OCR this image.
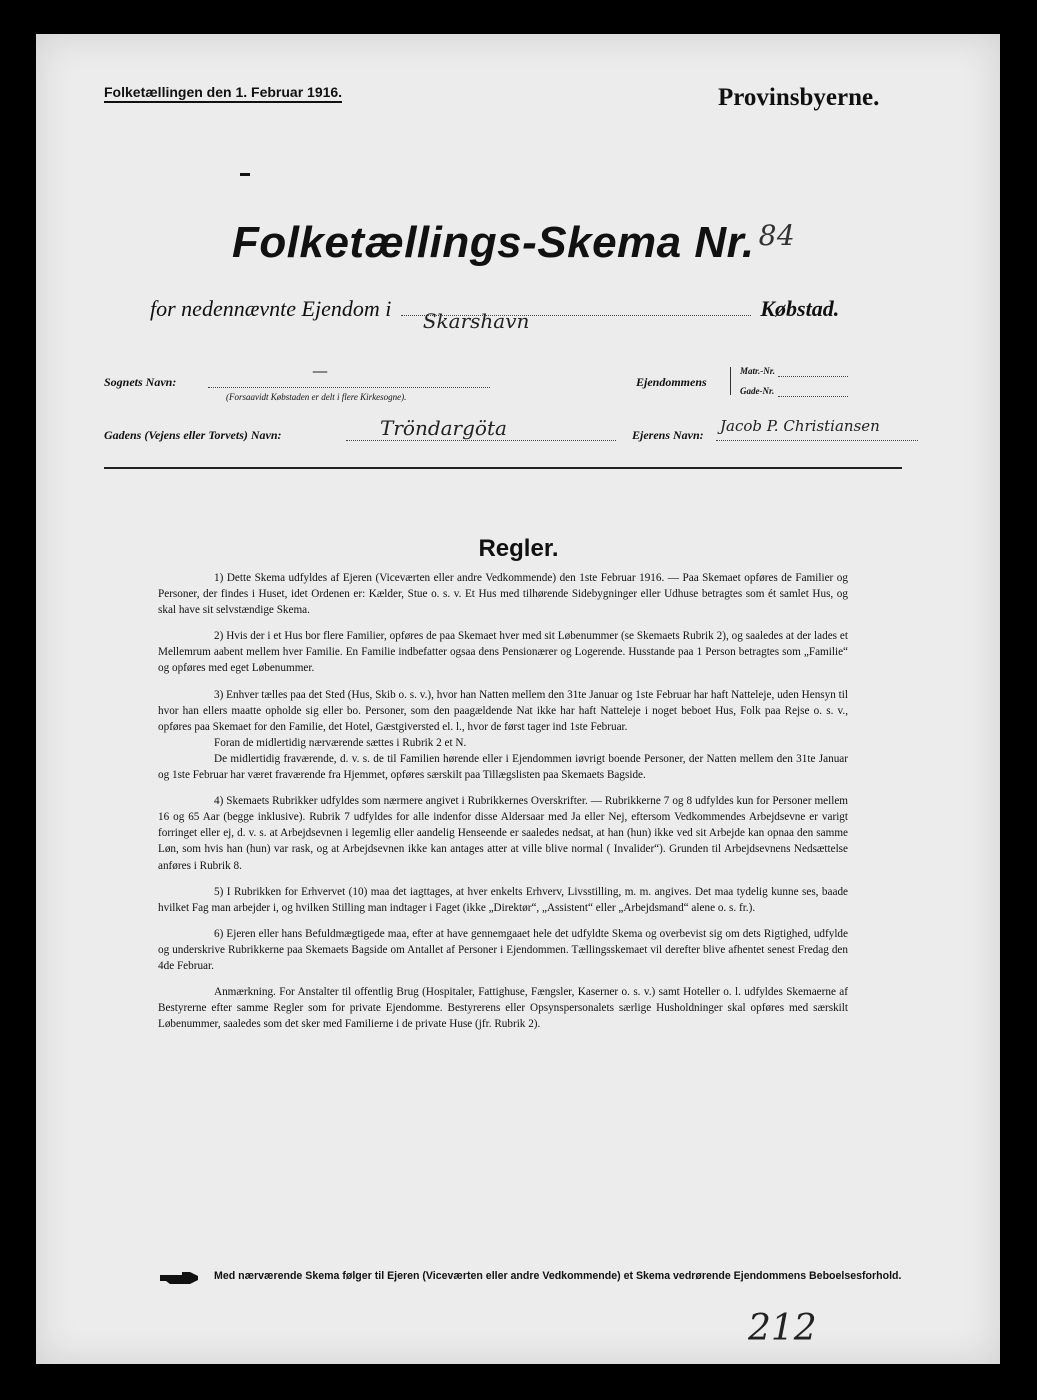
Folketællingen den 1. Februar 1916.	Provinsbyerne.
Folketællings-Skema Nr. $^{84}$
for nedennævnte Ejendom i Skarshavn	Købstad.
Sognets Navn:
—
(Forsaavidt Købstaden er delt i flere Kirkesogne).
Ejendommens
Matr.-Nr.
Gade-Nr.
Gadens (Vejens eller Torvets) Navn:	Tröndargöta	Ejerens Navn: Jacob P. Christiansen
Regler.

1) Dette Skema udfyldes af Ejeren (Viceværten eller andre Vedkommende) den 1ste Februar 1916. — Paa Skemaet opføres de Familier og Personer, der findes i Huset, idet Ordenen er: Kælder, Stue o. s. v. Et Hus med tilhørende Sidebygninger eller Udhuse betragtes som ét samlet Hus, og skal have sit selvstændige Skema.

2) Hvis der i et Hus bor flere Familier, opføres de paa Skemaet hver med sit Løbenummer (se Skemaets Rubrik 2), og saaledes at der lades et Mellemrum aabent mellem hver Familie. En Familie indbefatter ogsaa dens Pensionærer og Logerende. Husstande paa 1 Person betragtes som „Familie“ og opføres med eget Løbenummer.

3) Enhver tælles paa det Sted (Hus, Skib o. s. v.), hvor han Natten mellem den 31te Januar og 1ste Februar har haft Natteleje, uden Hensyn til hvor han ellers maatte opholde sig eller bo. Personer, som den paagældende Nat ikke har haft Natteleje i noget beboet Hus, Folk paa Rejse o. s. v., opføres paa Skemaet for den Familie, det Hotel, Gæstgiversted el. l., hvor de først tager ind 1ste Februar.

Foran de midlertidig nærværende sættes i Rubrik 2 et N.

De midlertidig fraværende, d. v. s. de til Familien hørende eller i Ejendommen iøvrigt boende Personer, der Natten mellem den 31te Januar og 1ste Februar har været fraværende fra Hjemmet, opføres særskilt paa Tillægslisten paa Skemaets Bagside.

4) Skemaets Rubrikker udfyldes som nærmere angivet i Rubrikkernes Overskrifter. — Rubrikkerne 7 og 8 udfyldes kun for Personer mellem 16 og 65 Aar (begge inklusive). Rubrik 7 udfyldes for alle indenfor disse Aldersaar med Ja eller Nej, eftersom Vedkommendes Arbejdsevne er varigt forringet eller ej, d. v. s. at Arbejdsevnen i legemlig eller aandelig Henseende er saaledes nedsat, at han (hun) ikke ved sit Arbejde kan opnaa den samme Løn, som hvis han (hun) var rask, og at Arbejdsevnen ikke kan antages atter at ville blive normal ( Invalider“). Grunden til Arbejdsevnens Nedsættelse anføres i Rubrik 8.

5) I Rubrikken for Erhvervet (10) maa det iagttages, at hver enkelts Erhverv, Livsstilling, m. m. angives. Det maa tydelig kunne ses, baade hvilket Fag man arbejder i, og hvilken Stilling man indtager i Faget (ikke „Direktør“, „Assistent“ eller „Arbejdsmand“ alene o. s. fr.).

6) Ejeren eller hans Befuldmægtigede maa, efter at have gennemgaaet hele det udfyldte Skema og overbevist sig om dets Rigtighed, udfylde og underskrive Rubrikkerne paa Skemaets Bagside om Antallet af Personer i Ejendommen. Tællingsskemaet vil derefter blive afhentet senest Fredag den 4de Februar.

Anmærkning. For Anstalter til offentlig Brug (Hospitaler, Fattighuse, Fængsler, Kaserner o. s. v.) samt Hoteller o. l. udfyldes Skemaerne af Bestyrerne efter samme Regler som for private Ejendomme. Bestyrerens eller Opsynspersonalets særlige Husholdninger skal opføres med særskilt Løbenummer, saaledes som det sker med Familierne i de private Huse (jfr. Rubrik 2).

Med nærværende Skema følger til Ejeren (Viceværten eller andre Vedkommende) et Skema vedrørende Ejendommens Beboelsesforhold.
212
